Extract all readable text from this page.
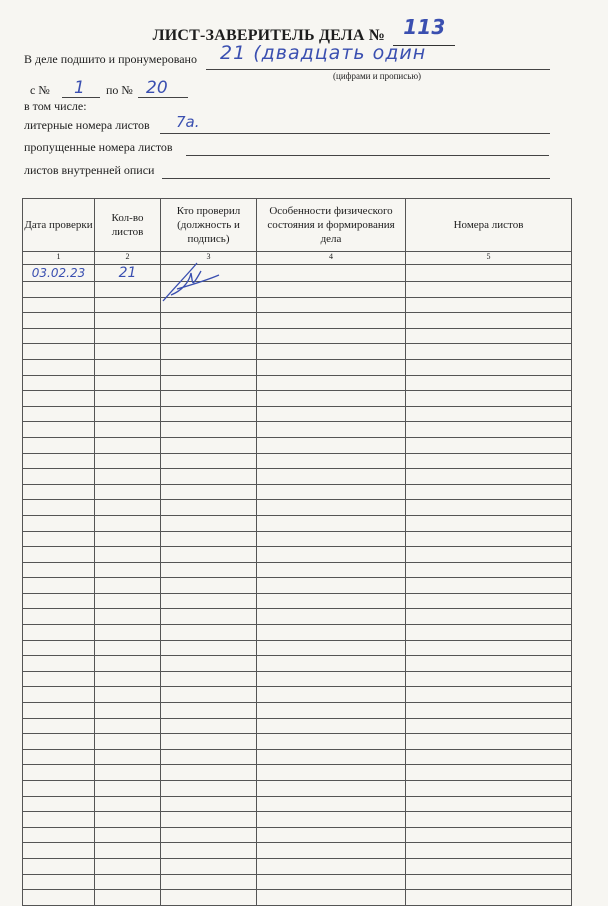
ЛИСТ-ЗАВЕРИТЕЛЬ ДЕЛА № 113
В деле подшито и пронумеровано 21 (двадцать один
(цифрами и прописью)
с № 1 по № 20
в том числе:
литерные номера листов 7а.
пропущенные номера листов
листов внутренней описи
Дата проверки	Кол-во листов	Кто проверил (должность и подпись)	Особенности физического состояния и формирования дела	Номера листов
1	2	3	4	5
03.02.23	21	
